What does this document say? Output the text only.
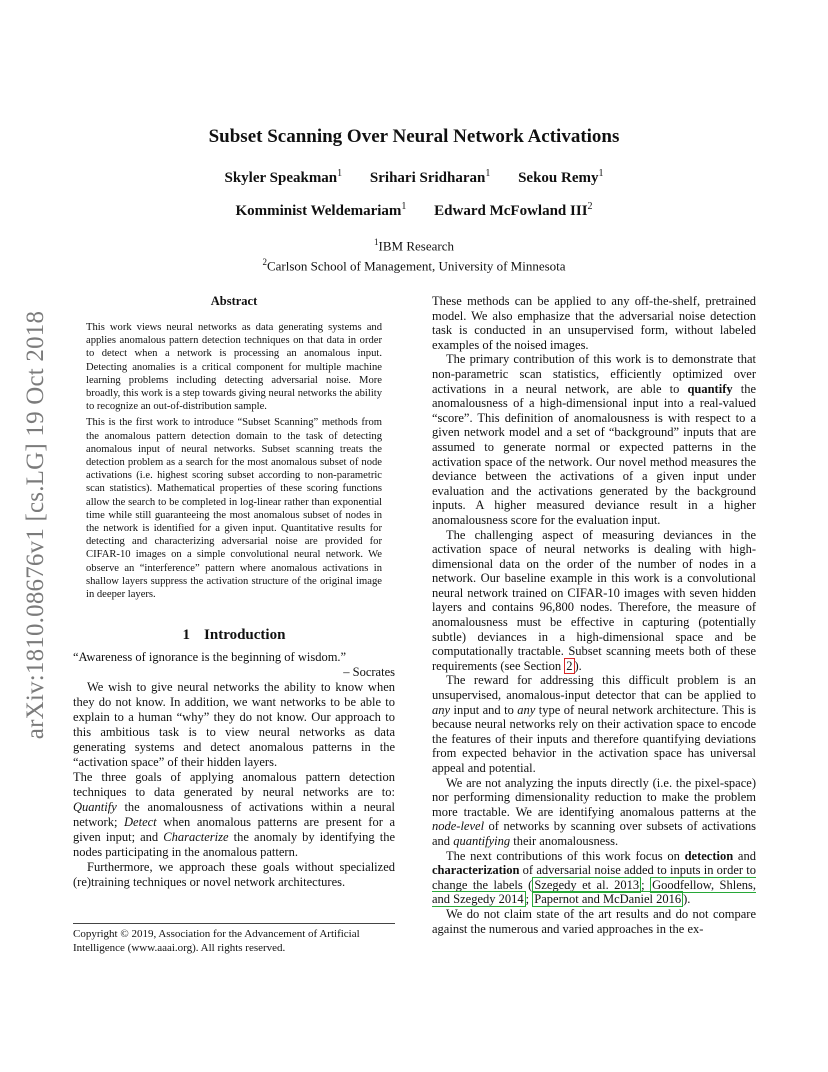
arXiv:1810.08676v1 [cs.LG] 19 Oct 2018
Subset Scanning Over Neural Network Activations
Skyler Speakman$^1$ Srihari Sridharan$^1$ Sekou Remy$^1$
Komminist Weldemariam$^1$ Edward McFowland III$^2$
$^1$IBM Research
$^2$Carlson School of Management, University of Minnesota
Abstract

This work views neural networks as data generating systems and applies anomalous pattern detection techniques on that data in order to detect when a network is processing an anomalous input. Detecting anomalies is a critical component for multiple machine learning problems including detecting adversarial noise. More broadly, this work is a step towards giving neural networks the ability to recognize an out-of-distribution sample.

This is the first work to introduce “Subset Scanning” methods from the anomalous pattern detection domain to the task of detecting anomalous input of neural networks. Subset scanning treats the detection problem as a search for the most anomalous subset of node activations (i.e. highest scoring subset according to non-parametric scan statistics). Mathematical properties of these scoring functions allow the search to be completed in log-linear rather than exponential time while still guaranteeing the most anomalous subset of nodes in the network is identified for a given input. Quantitative results for detecting and characterizing adversarial noise are provided for CIFAR-10 images on a simple convolutional neural network. We observe an “interference” pattern where anomalous activations in shallow layers suppress the activation structure of the original image in deeper layers.

1 Introduction
“Awareness of ignorance is the beginning of wisdom.”
– Socrates

We wish to give neural networks the ability to know when they do not know. In addition, we want networks to be able to explain to a human “why” they do not know. Our approach to this ambitious task is to view neural networks as data generating systems and detect anomalous patterns in the “activation space” of their hidden layers.

The three goals of applying anomalous pattern detection techniques to data generated by neural networks are to: Quantify the anomalousness of activations within a neural network; Detect when anomalous patterns are present for a given input; and Characterize the anomaly by identifying the nodes participating in the anomalous pattern.

Furthermore, we approach these goals without specialized (re)training techniques or novel network architectures.

Copyright © 2019, Association for the Advancement of Artificial Intelligence (www.aaai.org). All rights reserved.

These methods can be applied to any off-the-shelf, pretrained model. We also emphasize that the adversarial noise detection task is conducted in an unsupervised form, without labeled examples of the noised images.

The primary contribution of this work is to demonstrate that non-parametric scan statistics, efficiently optimized over activations in a neural network, are able to quantify the anomalousness of a high-dimensional input into a real-valued “score”. This definition of anomalousness is with respect to a given network model and a set of “background” inputs that are assumed to generate normal or expected patterns in the activation space of the network. Our novel method measures the deviance between the activations of a given input under evaluation and the activations generated by the background inputs. A higher measured deviance result in a higher anomalousness score for the evaluation input.

The challenging aspect of measuring deviances in the activation space of neural networks is dealing with high-dimensional data on the order of the number of nodes in a network. Our baseline example in this work is a convolutional neural network trained on CIFAR-10 images with seven hidden layers and contains 96,800 nodes. Therefore, the measure of anomalousness must be effective in capturing (potentially subtle) deviances in a high-dimensional space and be computationally tractable. Subset scanning meets both of these requirements (see Section 2 ).

The reward for addressing this difficult problem is an unsupervised, anomalous-input detector that can be applied to any input and to any type of neural network architecture. This is because neural networks rely on their activation space to encode the features of their inputs and therefore quantifying deviations from expected behavior in the activation space has universal appeal and potential.

We are not analyzing the inputs directly (i.e. the pixel-space) nor performing dimensionality reduction to make the problem more tractable. We are identifying anomalous patterns at the node-level of networks by scanning over subsets of activations and quantifying their anomalousness.

The next contributions of this work focus on detection and characterization of adversarial noise added to inputs in order to change the labels ( Szegedy et al. 2013 ; Goodfellow, Shlens, and Szegedy 2014 ; Papernot and McDaniel 2016 ).

We do not claim state of the art results and do not compare against the numerous and varied approaches in the ex-
